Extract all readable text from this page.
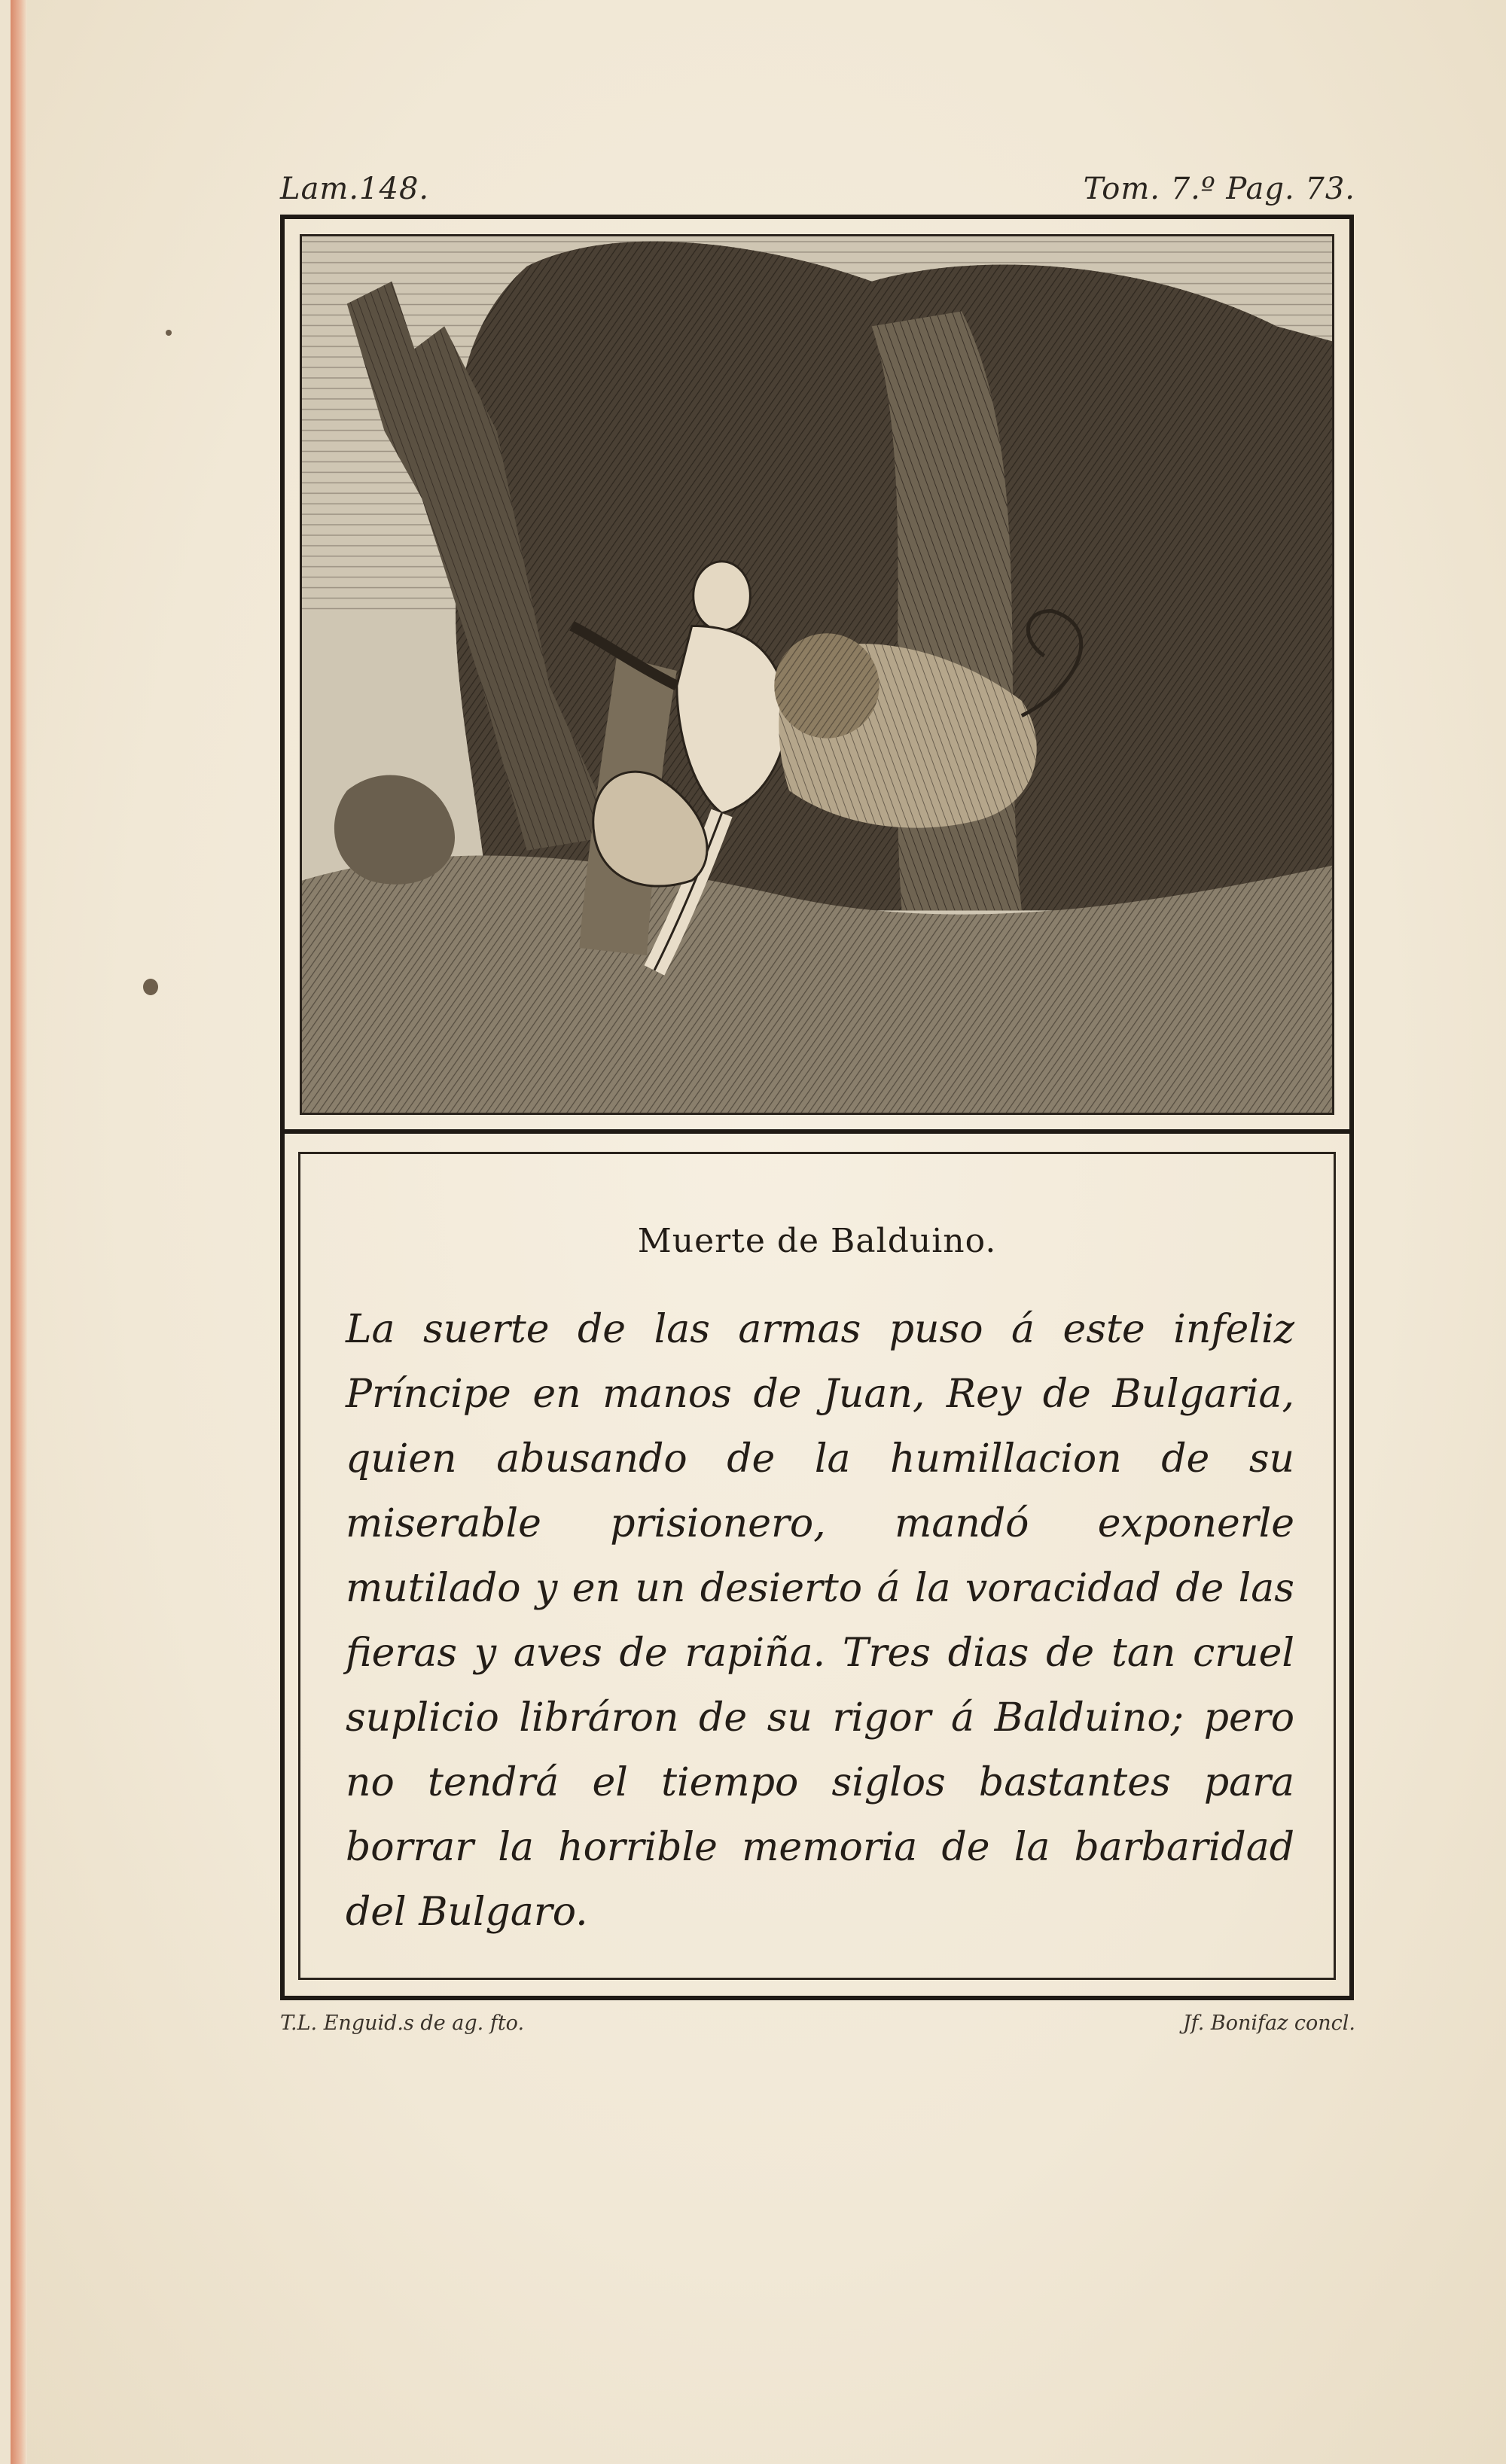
Lam.148.	Tom. 7.º Pag. 73.
Muerte de Balduino.
La suerte de las armas puso á este infeliz Príncipe en manos de Juan, Rey de Bulgaria, quien abusando de la humillacion de su miserable prisionero, mandó exponerle mutilado y en un desierto á la voracidad de las fieras y aves de rapiña. Tres dias de tan cruel suplicio libráron de su rigor á Balduino; pero no tendrá el tiempo siglos bastantes para borrar la horrible memoria de la barbaridad del Bulgaro.
T.L. Enguid.s de ag. fto.	Jf. Bonifaz concl.
